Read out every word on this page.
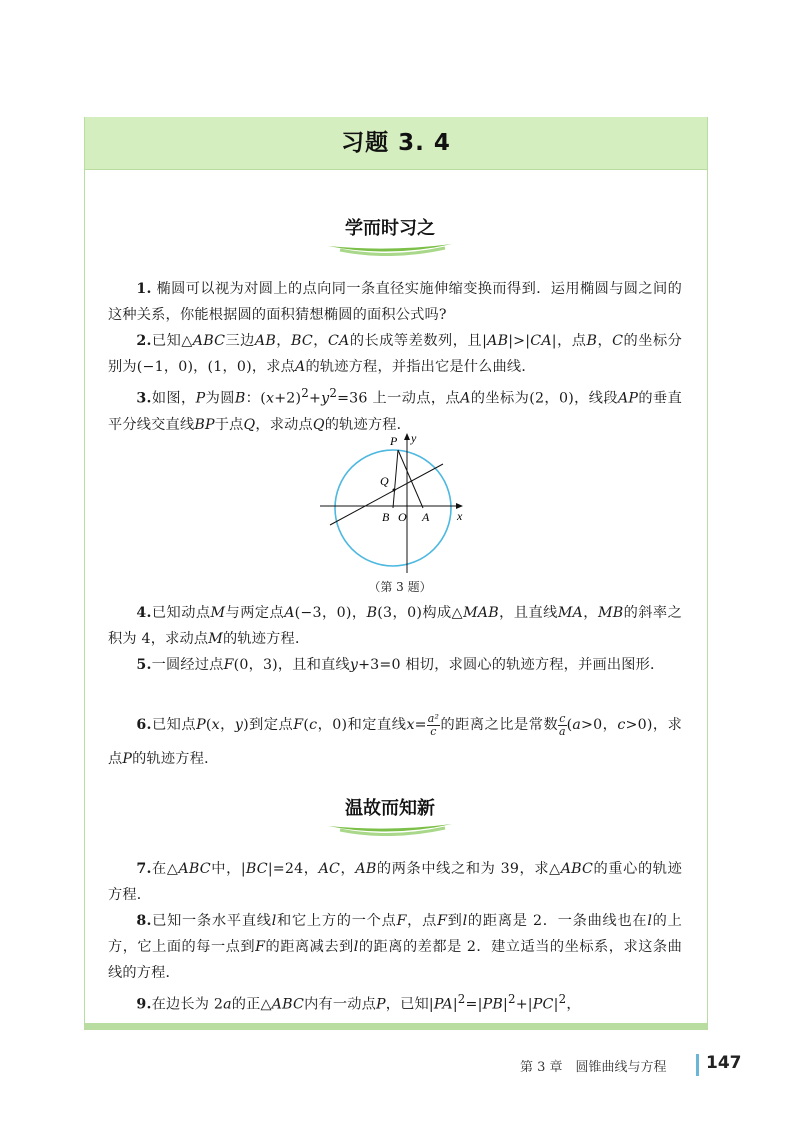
习题 3. 4
学而时习之

1. 椭圆可以视为对圆上的点向同一条直径实施伸缩变换而得到．运用椭圆与圆之间的这种关系，你能根据圆的面积猜想椭圆的面积公式吗?

2.已知△ABC三边AB，BC，CA的长成等差数列，且|AB|>|CA|，点B，C的坐标分别为(−1，0)，(1，0)，求点A的轨迹方程，并指出它是什么曲线．

3.如图，P为圆B：$(x+2)^2+y^2=36$ 上一动点，点A的坐标为(2，0)，线段AP的垂直平分线交直线BP于点Q，求动点Q的轨迹方程．

P y
Q
B O A x
（第 3 题）

4.已知动点M与两定点A(−3，0)，B(3，0)构成△MAB，且直线MA，MB的斜率之积为 4，求动点M的轨迹方程．

5.一圆经过点F(0，3)，且和直线y+3=0 相切，求圆心的轨迹方程，并画出图形．

6.已知点P(x，y)到定点F(c，0)和定直线$x= \frac{\text{a²}}{c}$ 的距离之比是常数 $\frac{c}{a} (a>0$，c>0)，求点P的轨迹方程．

温故而知新

7.在△ABC中，|BC|=24，AC，AB的两条中线之和为 39，求△ABC的重心的轨迹方程．

8.已知一条水平直线l和它上方的一个点F，点F到l的距离是 2．一条曲线也在l的上方，它上面的每一点到F的距离减去到l的距离的差都是 2．建立适当的坐标系，求这条曲线的方程．

9.在边长为 2a的正△ABC内有一动点P，已知$|PA|^2=|PB|^2+|PC|^2$，

第 3 章　圆锥曲线与方程 147
